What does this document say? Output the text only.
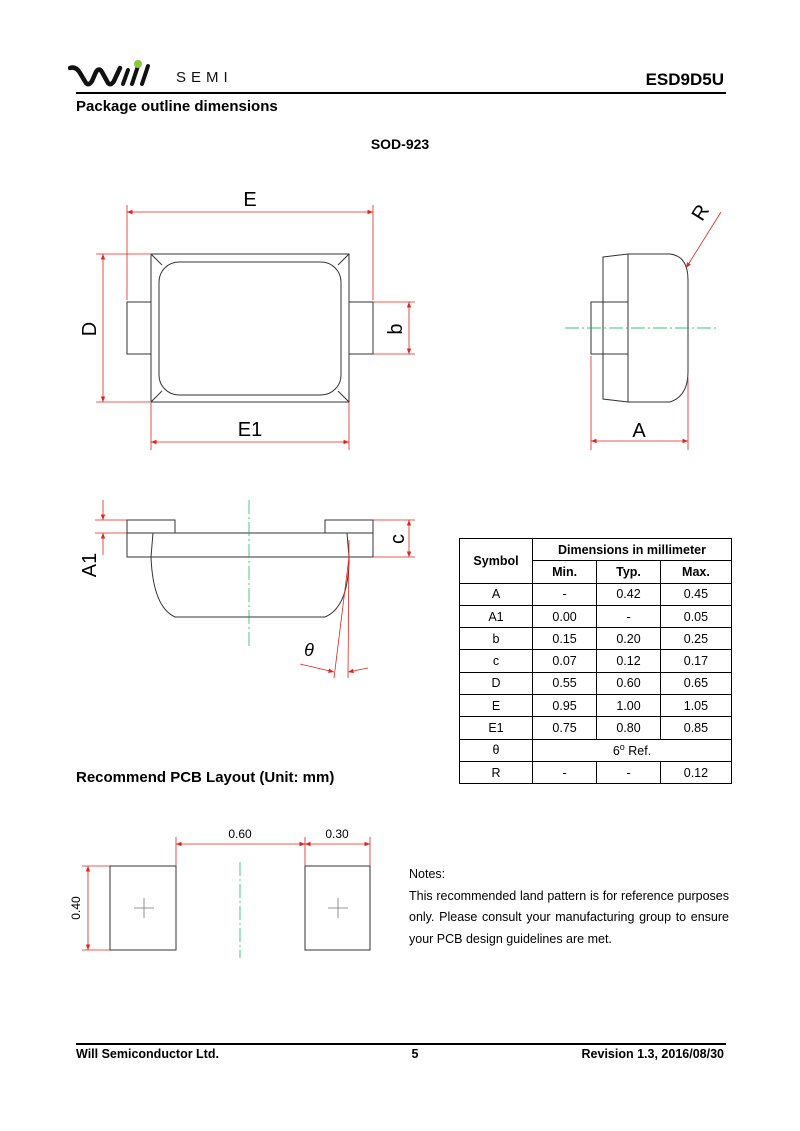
SEMI	ESD9D5U
Package outline dimensions
SOD-923
E
D	b
E1
R
A
A1
c
θ
0.60	0.30
0.40
Symbol	Dimensions in millimeter		
	Min.	Typ.	Max.
A	-	0.42	0.45
A1	0.00	-	0.05
b	0.15	0.20	0.25
c	0.07	0.12	0.17
D	0.55	0.60	0.65
E	0.95	1.00	1.05
E1	0.75	0.80	0.85
θ	6$^o$ Ref.		
R	-	-	0.12
Recommend PCB Layout (Unit: mm)
Notes:
This recommended land pattern is for reference purposes only. Please consult your manufacturing group to ensure your PCB design guidelines are met.
Will Semiconductor Ltd.	5	Revision 1.3, 2016/08/30
